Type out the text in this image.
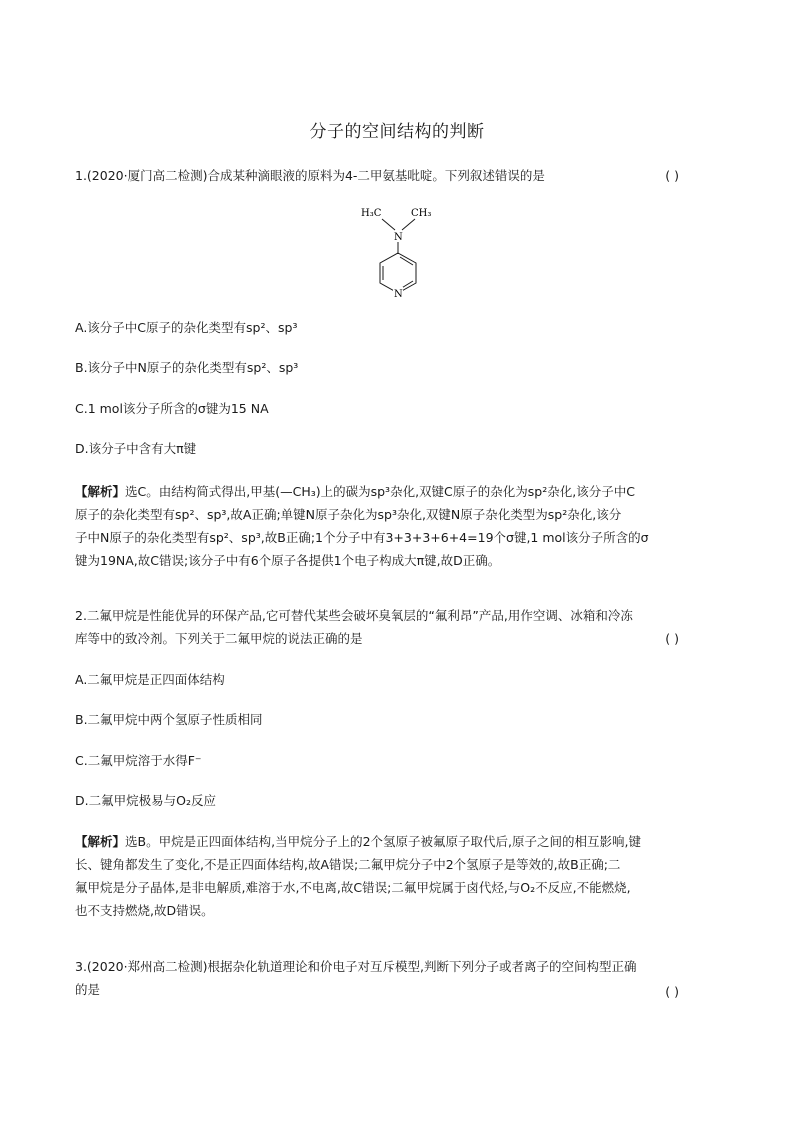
分子的空间结构的判断
1.(2020·厦门高二检测)合成某种滴眼液的原料为4-二甲氨基吡啶。下列叙述错误的是	( )
H₃C	CH₃
N
N
A.该分子中C原子的杂化类型有sp²、sp³
B.该分子中N原子的杂化类型有sp²、sp³
C.1 mol该分子所含的σ键为15 NA
D.该分子中含有大π键
【解析】选C。由结构简式得出,甲基(—CH₃)上的碳为sp³杂化,双键C原子的杂化为sp²杂化,该分子中C
原子的杂化类型有sp²、sp³,故A正确;单键N原子杂化为sp³杂化,双键N原子杂化类型为sp²杂化,该分
子中N原子的杂化类型有sp²、sp³,故B正确;1个分子中有3+3+3+6+4=19个σ键,1 mol该分子所含的σ
键为19NA,故C错误;该分子中有6个原子各提供1个电子构成大π键,故D正确。
2.二氟甲烷是性能优异的环保产品,它可替代某些会破坏臭氧层的“氟利昂”产品,用作空调、冰箱和冷冻
库等中的致冷剂。下列关于二氟甲烷的说法正确的是	( )
A.二氟甲烷是正四面体结构
B.二氟甲烷中两个氢原子性质相同
C.二氟甲烷溶于水得F⁻
D.二氟甲烷极易与O₂反应
【解析】选B。甲烷是正四面体结构,当甲烷分子上的2个氢原子被氟原子取代后,原子之间的相互影响,键
长、键角都发生了变化,不是正四面体结构,故A错误;二氟甲烷分子中2个氢原子是等效的,故B正确;二
氟甲烷是分子晶体,是非电解质,难溶于水,不电离,故C错误;二氟甲烷属于卤代烃,与O₂不反应,不能燃烧,
也不支持燃烧,故D错误。
3.(2020·郑州高二检测)根据杂化轨道理论和价电子对互斥模型,判断下列分子或者离子的空间构型正确
的是	( )
